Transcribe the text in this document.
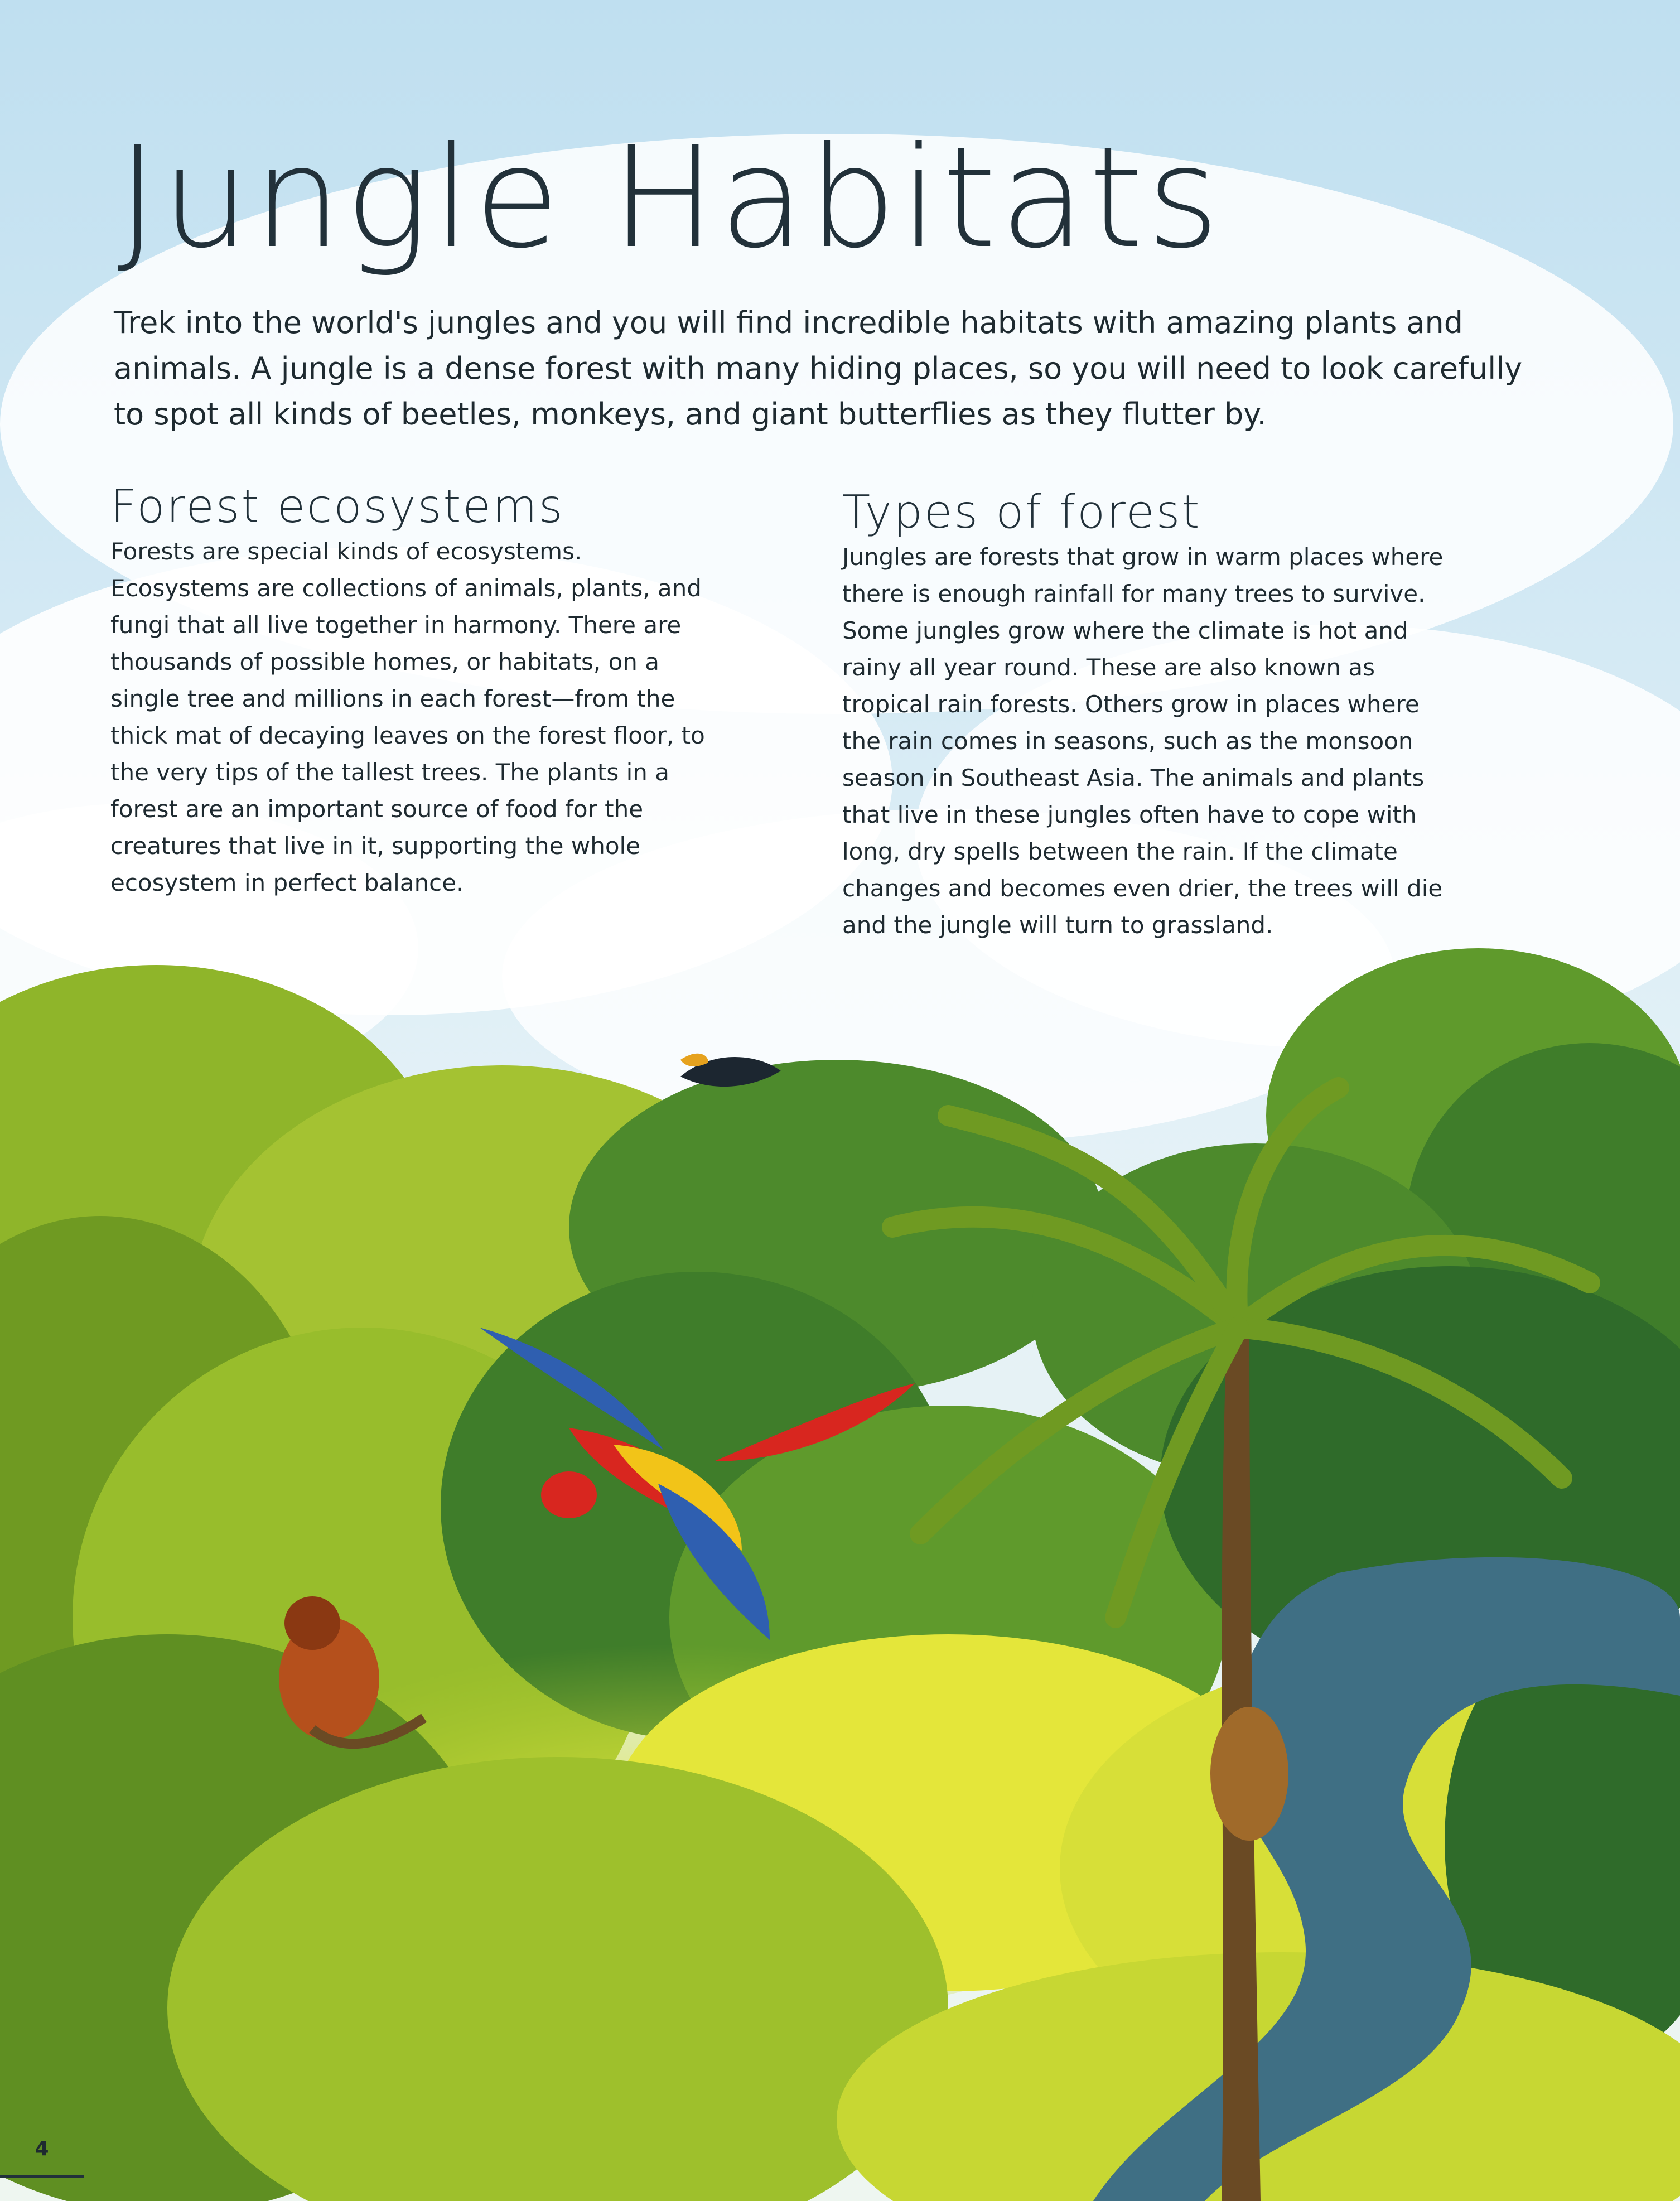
Jungle Habitats

Trek into the world's jungles and you will find incredible habitats with amazing plants and animals. A jungle is a dense forest with many hiding places, so you will need to look carefully to spot all kinds of beetles, monkeys, and giant butterflies as they flutter by.

Forest ecosystems

Forests are special kinds of ecosystems. Ecosystems are collections of animals, plants, and fungi that all live together in harmony. There are thousands of possible homes, or habitats, on a single tree and millions in each forest—from the thick mat of decaying leaves on the forest floor, to the very tips of the tallest trees. The plants in a forest are an important source of food for the creatures that live in it, supporting the whole ecosystem in perfect balance.

Types of forest

Jungles are forests that grow in warm places where there is enough rainfall for many trees to survive. Some jungles grow where the climate is hot and rainy all year round. These are also known as tropical rain forests. Others grow in places where the rain comes in seasons, such as the monsoon season in Southeast Asia. The animals and plants that live in these jungles often have to cope with long, dry spells between the rain. If the climate changes and becomes even drier, the trees will die and the jungle will turn to grassland.

4
